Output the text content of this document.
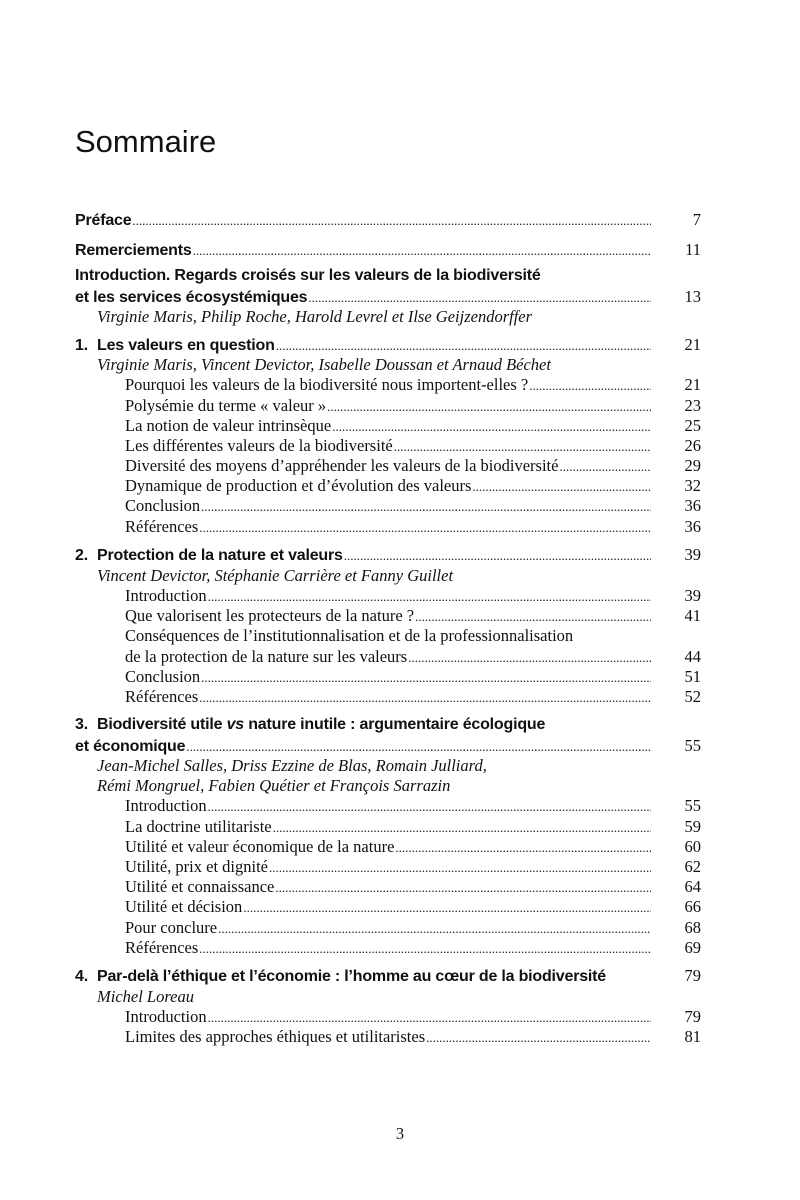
Sommaire
Préface .....	7
Remerciements .....	11
Introduction. Regards croisés sur les valeurs de la biodiversité
et les services écosystémiques .....	13
Virginie Maris, Philip Roche, Harold Levrel et Ilse Geijzendorffer
1. Les valeurs en question .....	21
Virginie Maris, Vincent Devictor, Isabelle Doussan et Arnaud Béchet
Pourquoi les valeurs de la biodiversité nous importent-elles ? .....	21
Polysémie du terme « valeur » .....	23
La notion de valeur intrinsèque .....	25
Les différentes valeurs de la biodiversité .....	26
Diversité des moyens d’appréhender les valeurs de la biodiversité .....	29
Dynamique de production et d’évolution des valeurs .....	32
Conclusion .....	36
Références .....	36
2. Protection de la nature et valeurs .....	39
Vincent Devictor, Stéphanie Carrière et Fanny Guillet
Introduction .....	39
Que valorisent les protecteurs de la nature ? .....	41
Conséquences de l’institutionnalisation et de la professionnalisation
de la protection de la nature sur les valeurs .....	44
Conclusion .....	51
Références .....	52
3. Biodiversité utile vs nature inutile : argumentaire écologique
et économique .....	55
Jean-Michel Salles, Driss Ezzine de Blas, Romain Julliard,
Rémi Mongruel, Fabien Quétier et François Sarrazin
Introduction .....	55
La doctrine utilitariste .....	59
Utilité et valeur économique de la nature .....	60
Utilité, prix et dignité .....	62
Utilité et connaissance .....	64
Utilité et décision .....	66
Pour conclure .....	68
Références .....	69
4. Par-delà l’éthique et l’économie : l’homme au cœur de la biodiversité	79
Michel Loreau
Introduction .....	79
Limites des approches éthiques et utilitaristes .....	81
3
